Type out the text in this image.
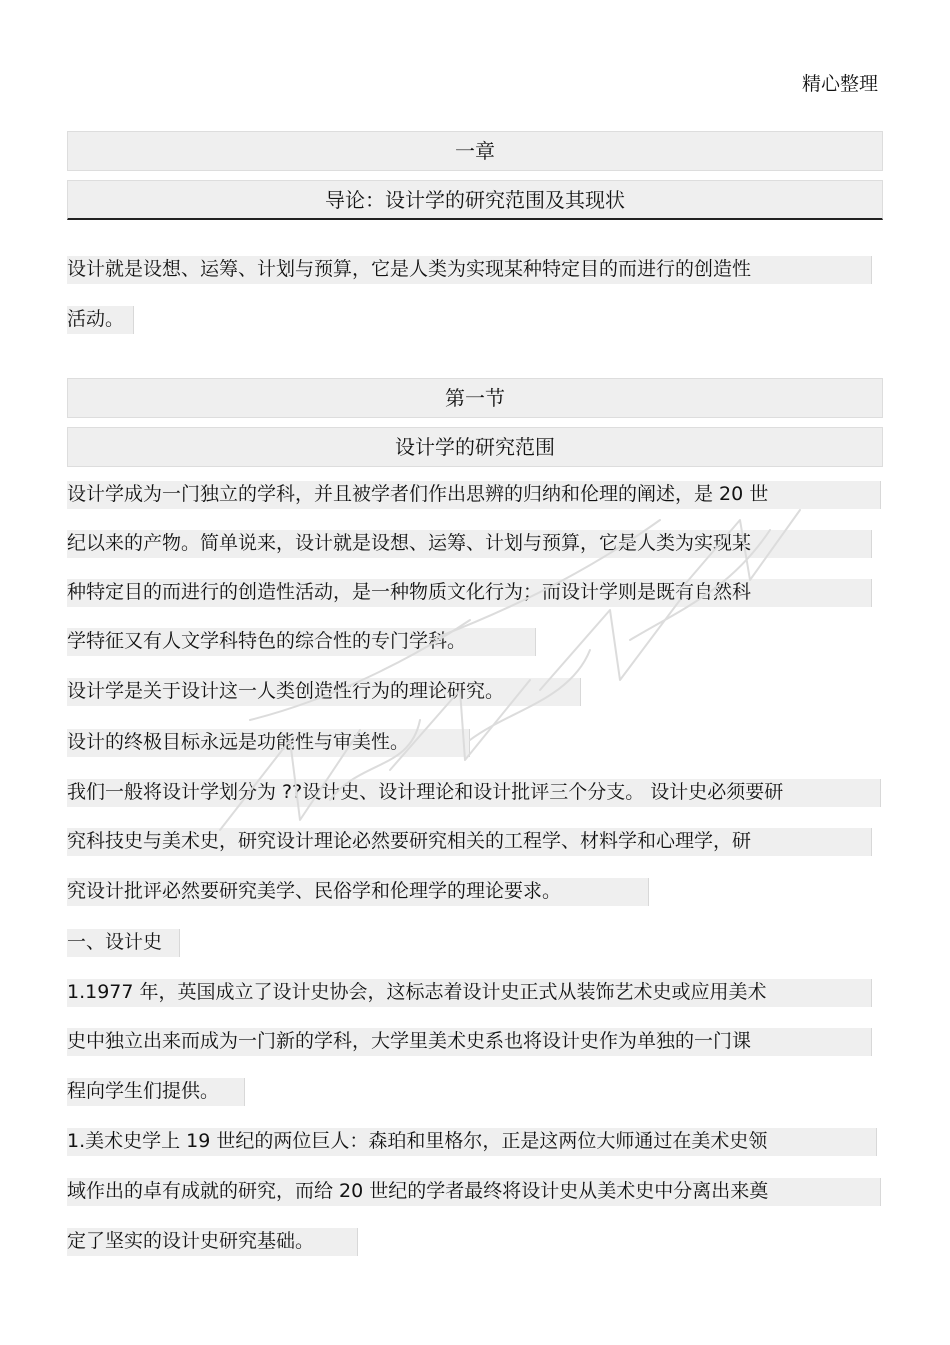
精心整理
一章
导论：设计学的研究范围及其现状
设计就是设想、运筹、计划与预算，它是人类为实现某种特定目的而进行的创造性
活动。
第一节
设计学的研究范围
设计学成为一门独立的学科，并且被学者们作出思辨的归纳和伦理的阐述，是 20 世
纪以来的产物。简单说来，设计就是设想、运筹、计划与预算，它是人类为实现某
种特定目的而进行的创造性活动，是一种物质文化行为；而设计学则是既有自然科
学特征又有人文学科特色的综合性的专门学科。
设计学是关于设计这一人类创造性行为的理论研究。
设计的终极目标永远是功能性与审美性。
我们一般将设计学划分为 ??设计史、设计理论和设计批评三个分支。 设计史必须要研
究科技史与美术史，研究设计理论必然要研究相关的工程学、材料学和心理学，研
究设计批评必然要研究美学、民俗学和伦理学的理论要求。
一、设计史
1.1977 年，英国成立了设计史协会，这标志着设计史正式从装饰艺术史或应用美术
史中独立出来而成为一门新的学科，大学里美术史系也将设计史作为单独的一门课
程向学生们提供。
1.美术史学上 19 世纪的两位巨人：森珀和里格尔，正是这两位大师通过在美术史领
域作出的卓有成就的研究，而给 20 世纪的学者最终将设计史从美术史中分离出来奠
定了坚实的设计史研究基础。
